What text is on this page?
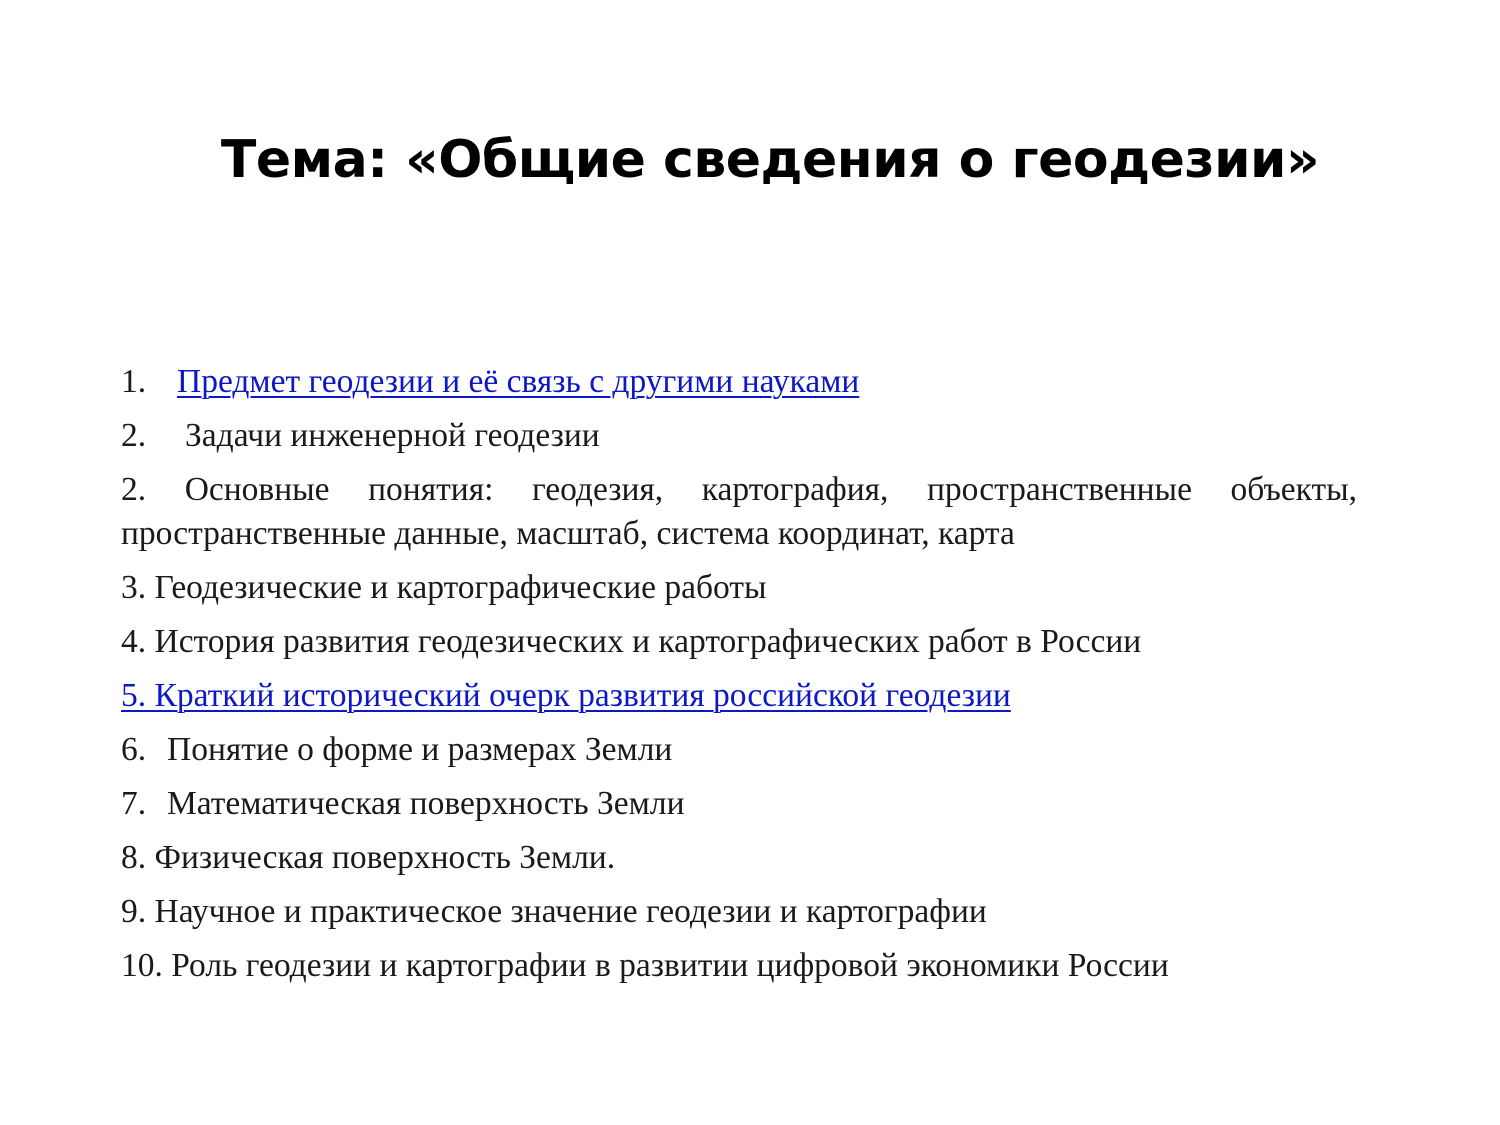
Тема: «Общие сведения о геодезии»
1. Предмет геодезии и её связь с другими науками
2. Задачи инженерной геодезии
2. Основные понятия: геодезия, картография, пространственные объекты, пространственные данные, масштаб, система координат, карта
3. Геодезические и картографические работы
4. История развития геодезических и картографических работ в России
5. Краткий исторический очерк развития российской геодезии
6. Понятие о форме и размерах Земли
7. Математическая поверхность Земли
8. Физическая поверхность Земли.
9. Научное и практическое значение геодезии и картографии
10. Роль геодезии и картографии в развитии цифровой экономики России
